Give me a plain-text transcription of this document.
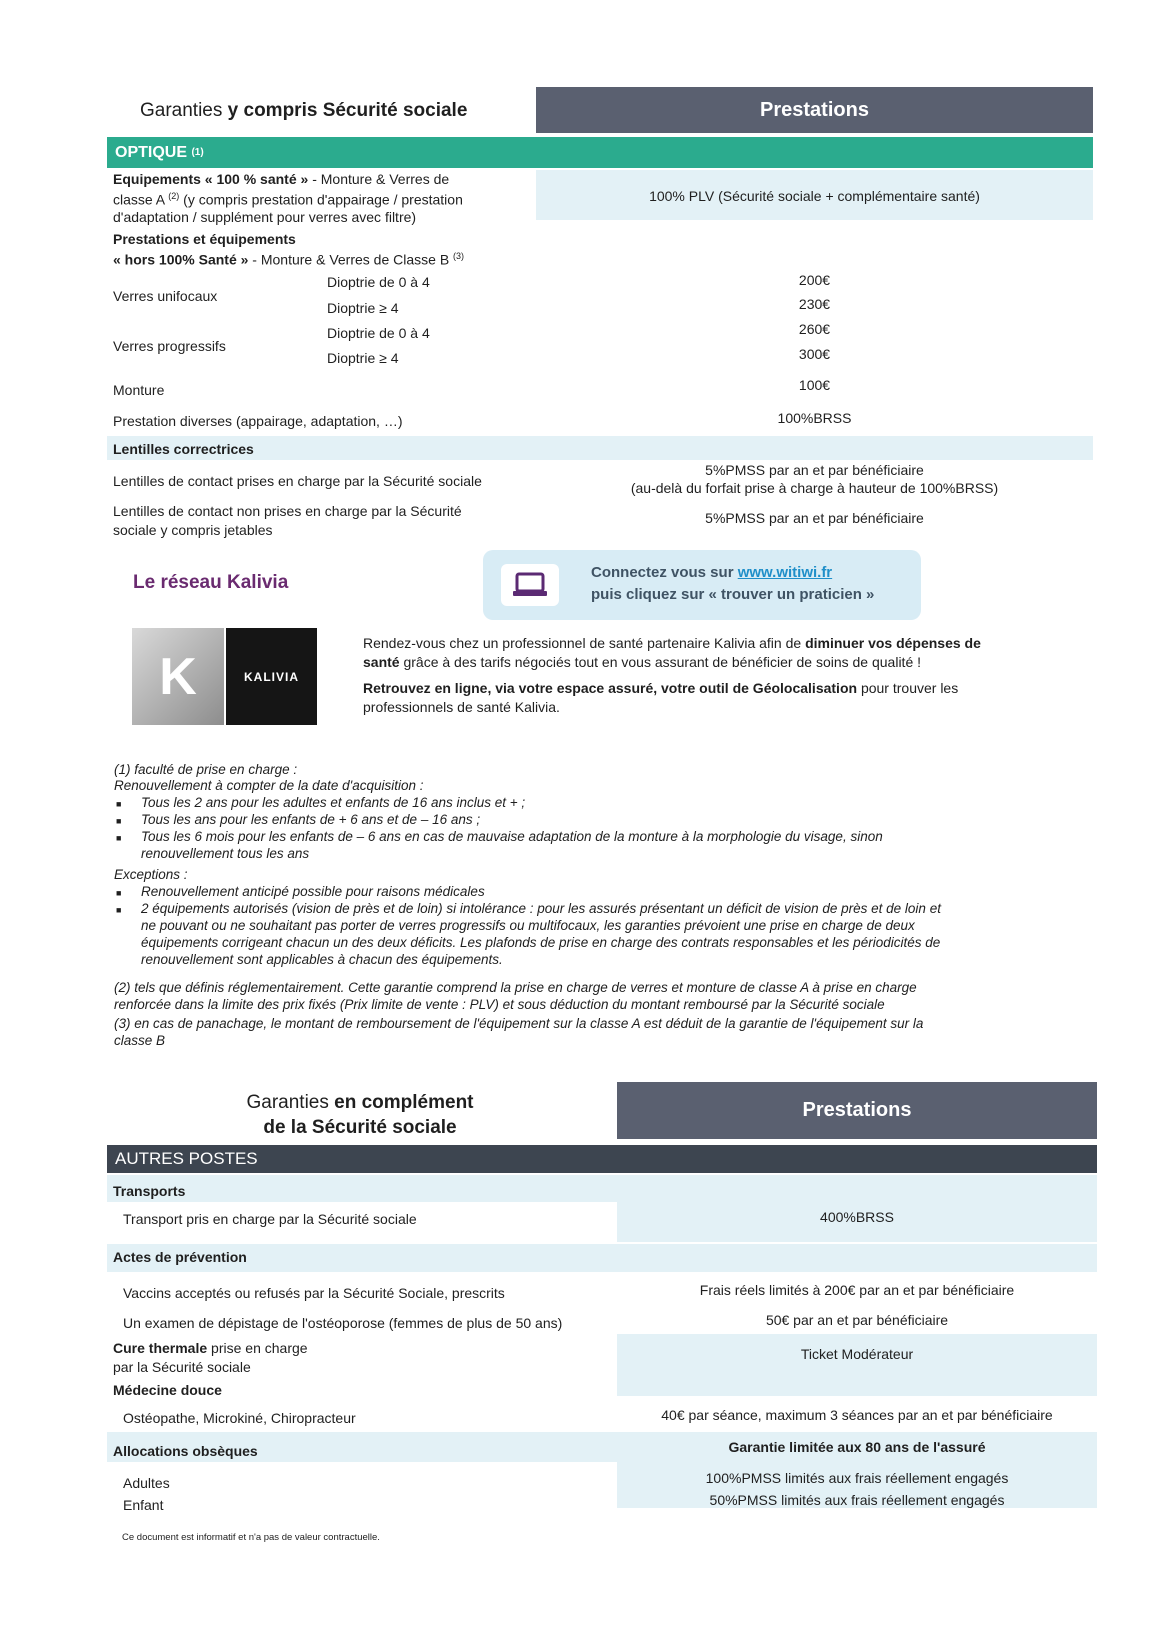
Garanties y compris Sécurité sociale	Prestations
OPTIQUE
(1)
Equipements « 100 % santé » - Monture & Verres de
classe A $^{(2)}$ (y compris prestation d'appairage / prestation
d'adaptation / supplément pour verres avec filtre)
100% PLV (Sécurité sociale + complémentaire santé)
Prestations et équipements
« hors 100% Santé » - Monture & Verres de Classe B $^{(3)}$
Verres unifocaux
Dioptrie de 0 à 4	200€
Dioptrie ≥ 4	230€
Verres progressifs
Dioptrie de 0 à 4	260€
Dioptrie ≥ 4	300€
Monture	100€
Prestation diverses (appairage, adaptation, …)	100%BRSS
Lentilles correctrices
Lentilles de contact prises en charge par la Sécurité sociale
5%PMSS par an et par bénéficiaire
(au-delà du forfait prise à charge à hauteur de 100%BRSS)
Lentilles de contact non prises en charge par la Sécurité
sociale y compris jetables
5%PMSS par an et par bénéficiaire
Le réseau Kalivia	Connectez vous sur www.witiwi.fr
puis cliquez sur « trouver un praticien »
K	KALIVIA
Rendez-vous chez un professionnel de santé partenaire Kalivia afin de diminuer vos dépenses de
santé grâce à des tarifs négociés tout en vous assurant de bénéficier de soins de qualité !
Retrouvez en ligne, via votre espace assuré, votre outil de Géolocalisation pour trouver les
professionnels de santé Kalivia.
(1) faculté de prise en charge :
Renouvellement à compter de la date d'acquisition :
■ Tous les 2 ans pour les adultes et enfants de 16 ans inclus et + ;
■ Tous les ans pour les enfants de + 6 ans et de – 16 ans ;
■ Tous les 6 mois pour les enfants de – 6 ans en cas de mauvaise adaptation de la monture à la morphologie du visage, sinon
renouvellement tous les ans
Exceptions :
■ Renouvellement anticipé possible pour raisons médicales
■ 2 équipements autorisés (vision de près et de loin) si intolérance : pour les assurés présentant un déficit de vision de près et de loin et
ne pouvant ou ne souhaitant pas porter de verres progressifs ou multifocaux, les garanties prévoient une prise en charge de deux
équipements corrigeant chacun un des deux déficits. Les plafonds de prise en charge des contrats responsables et les périodicités de
renouvellement sont applicables à chacun des équipements.
(2) tels que définis réglementairement. Cette garantie comprend la prise en charge de verres et monture de classe A à prise en charge
renforcée dans la limite des prix fixés (Prix limite de vente : PLV) et sous déduction du montant remboursé par la Sécurité sociale
(3) en cas de panachage, le montant de remboursement de l'équipement sur la classe A est déduit de la garantie de l'équipement sur la
classe B
Garanties en complément
de la Sécurité sociale
Prestations
AUTRES POSTES
Transports
Transport pris en charge par la Sécurité sociale	400%BRSS
Actes de prévention
Vaccins acceptés ou refusés par la Sécurité Sociale, prescrits	Frais réels limités à 200€ par an et par bénéficiaire
Un examen de dépistage de l'ostéoporose (femmes de plus de 50 ans)	50€ par an et par bénéficiaire
Cure thermale prise en charge
par la Sécurité sociale
Ticket Modérateur
Médecine douce
Ostéopathe, Microkiné, Chiropracteur	40€ par séance, maximum 3 séances par an et par bénéficiaire
Allocations obsèques	Garantie limitée aux 80 ans de l'assuré
Adultes	100%PMSS limités aux frais réellement engagés
Enfant	50%PMSS limités aux frais réellement engagés
Ce document est informatif et n'a pas de valeur contractuelle.
